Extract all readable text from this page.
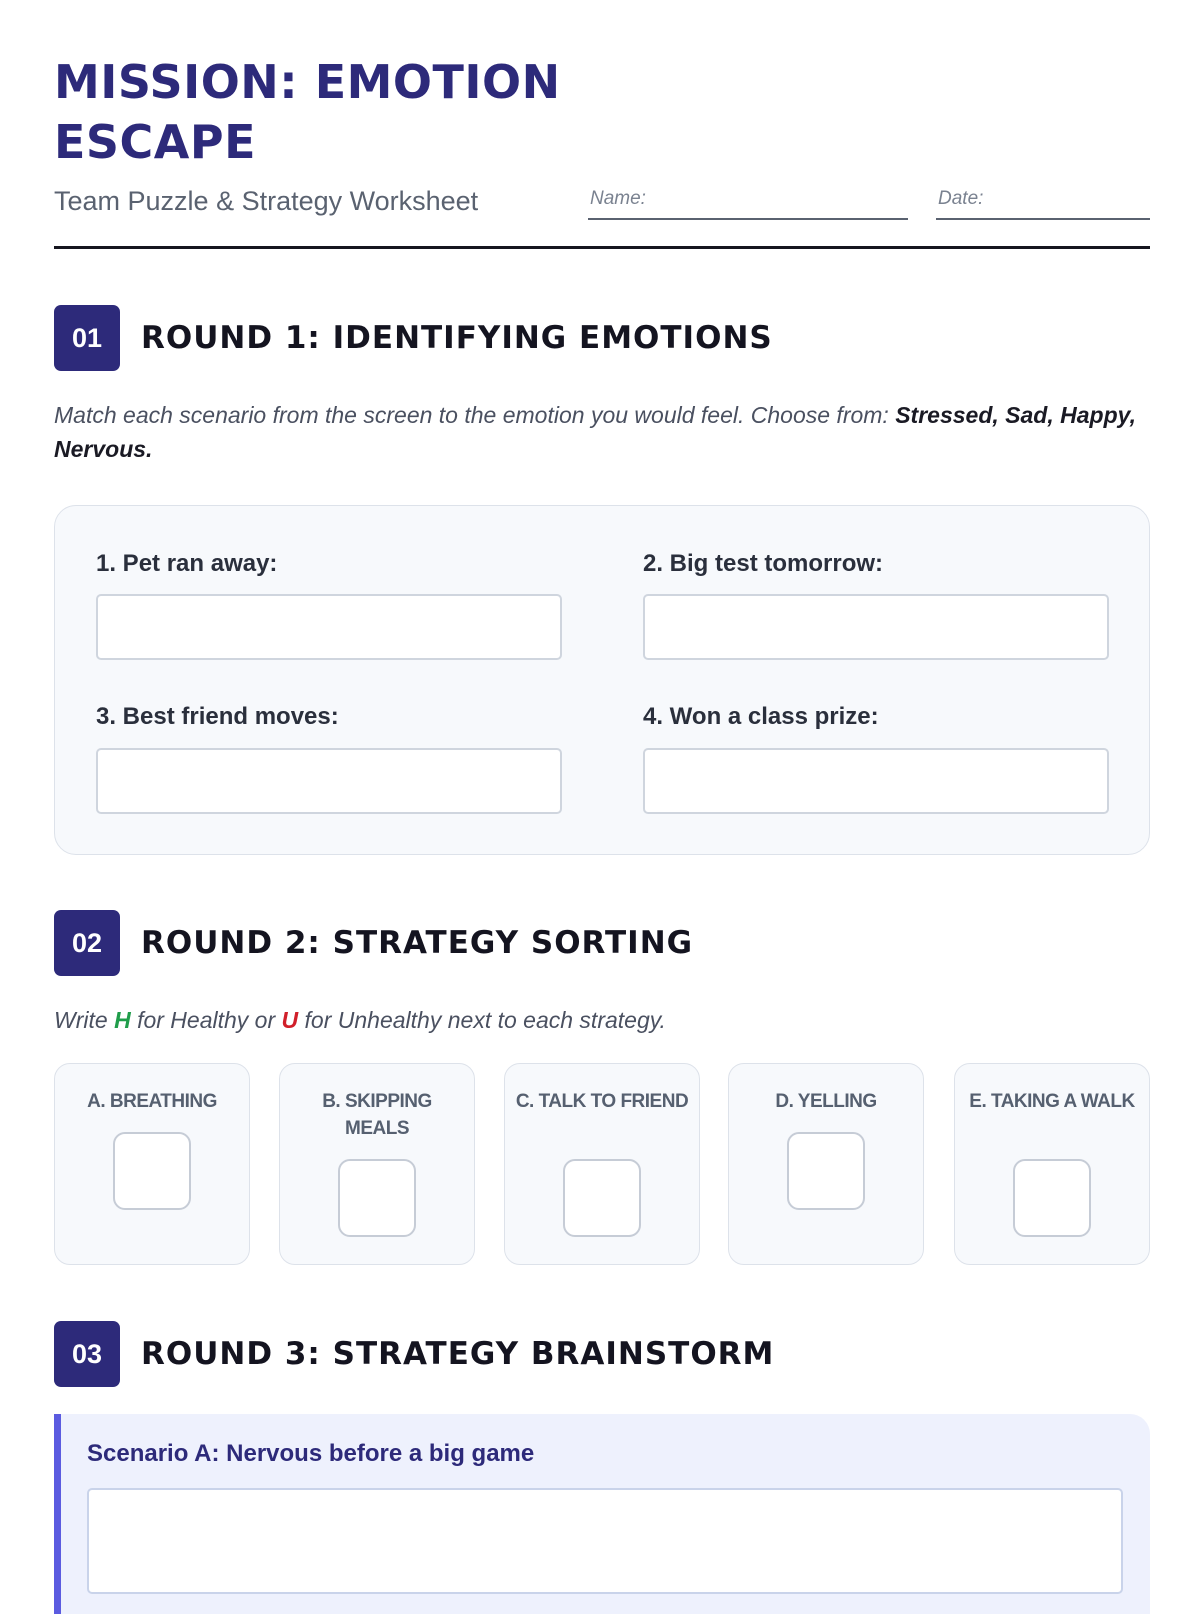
MISSION: EMOTION ESCAPE
Team Puzzle & Strategy Worksheet	Name:	Date:
01	ROUND 1: IDENTIFYING EMOTIONS
Match each scenario from the screen to the emotion you would feel. Choose from: Stressed, Sad, Happy, Nervous.
1. Pet ran away:	2. Big test tomorrow:
3. Best friend moves:	4. Won a class prize:
02	ROUND 2: STRATEGY SORTING
Write H for Healthy or U for Unhealthy next to each strategy.
A. BREATHING	B. SKIPPING MEALS
C. TALK TO FRIEND	D. YELLING	E. TAKING A WALK
03	ROUND 3: STRATEGY BRAINSTORM
Scenario A: Nervous before a big game
